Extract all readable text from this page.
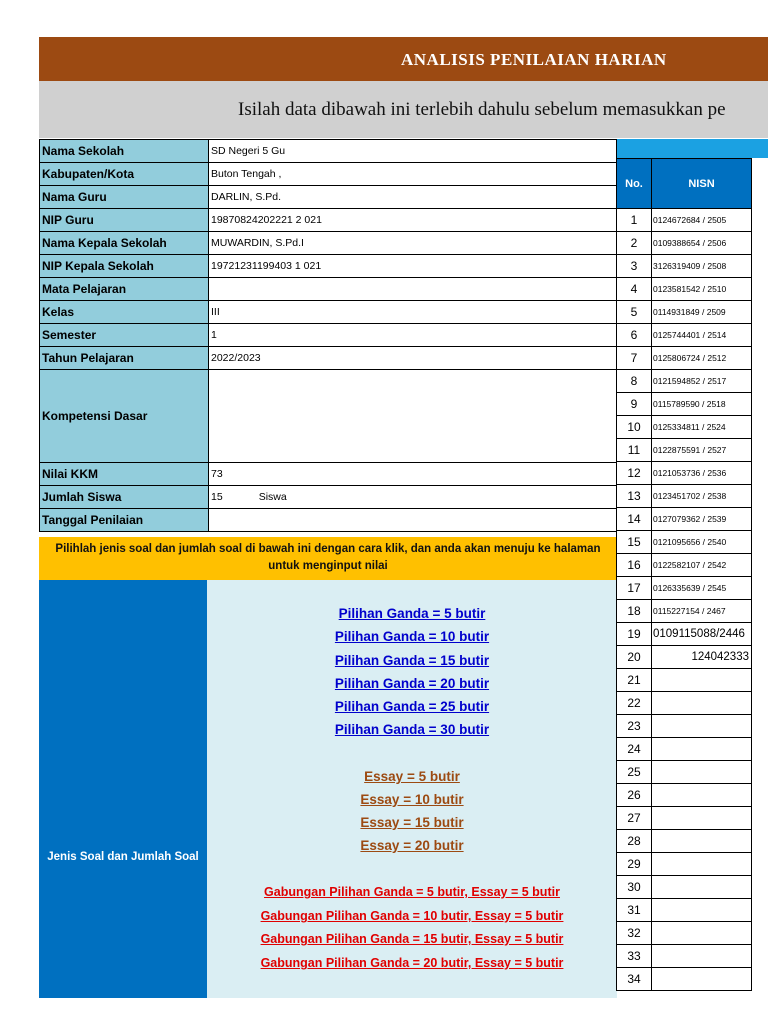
ANALISIS PENILAIAN HARIAN
Isilah data dibawah ini terlebih dahulu sebelum memasukkan pe
Nama Sekolah	SD Negeri 5 Gu
Kabupaten/Kota	Buton Tengah ,
Nama Guru	DARLIN, S.Pd.
NIP Guru	19870824202221 2 021
Nama Kepala Sekolah	MUWARDIN, S.Pd.I
NIP Kepala Sekolah	19721231199403 1 021
Mata Pelajaran	
Kelas	III
Semester	1
Tahun Pelajaran	2022/2023
Kompetensi Dasar	
Nilai KKM	73
Jumlah Siswa	15 Siswa
Tanggal Penilaian	
Pilihlah jenis soal dan jumlah soal di bawah ini dengan cara klik, dan anda akan menuju ke halaman untuk menginput nilai
Jenis Soal dan Jumlah Soal
Pilihan Ganda = 5 butir
Pilihan Ganda = 10 butir
Pilihan Ganda = 15 butir
Pilihan Ganda = 20 butir
Pilihan Ganda = 25 butir
Pilihan Ganda = 30 butir
Essay = 5 butir
Essay = 10 butir
Essay = 15 butir
Essay = 20 butir
Gabungan Pilihan Ganda = 5 butir, Essay = 5 butir
Gabungan Pilihan Ganda = 10 butir, Essay = 5 butir
Gabungan Pilihan Ganda = 15 butir, Essay = 5 butir
Gabungan Pilihan Ganda = 20 butir, Essay = 5 butir
No.	NISN
1	0124672684 / 2505
2	0109388654 / 2506
3	3126319409 / 2508
4	0123581542 / 2510
5	0114931849 / 2509
6	0125744401 / 2514
7	0125806724 / 2512
8	0121594852 / 2517
9	0115789590 / 2518
10	0125334811 / 2524
11	0122875591 / 2527
12	0121053736 / 2536
13	0123451702 / 2538
14	0127079362 / 2539
15	0121095656 / 2540
16	0122582107 / 2542
17	0126335639 / 2545
18	0115227154 / 2467
19	0109115088/2446
20	124042333
21	
22	
23	
24	
25	
26	
27	
28	
29	
30	
31	
32	
33	
34	
